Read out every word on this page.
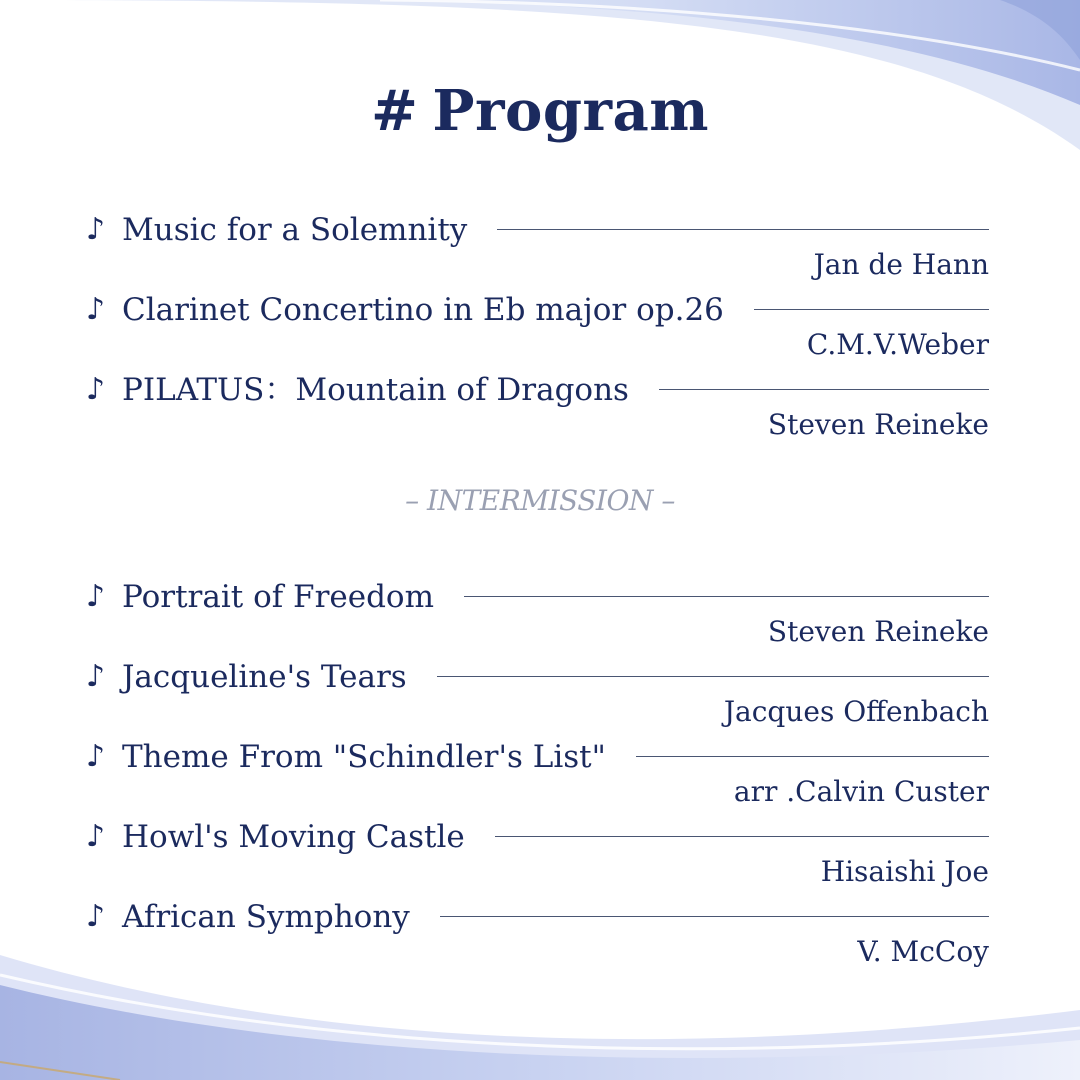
# Program
♪ Music for a Solemnity
Jan de Hann
♪ Clarinet Concertino in Eb major op.26
C.M.V.Weber
♪ PILATUS：Mountain of Dragons
Steven Reineke
– INTERMISSION –
♪ Portrait of Freedom
Steven Reineke
♪ Jacqueline's Tears
Jacques Offenbach
♪ Theme From "Schindler's List"
arr .Calvin Custer
♪ Howl's Moving Castle
Hisaishi Joe
♪ African Symphony
V. McCoy
